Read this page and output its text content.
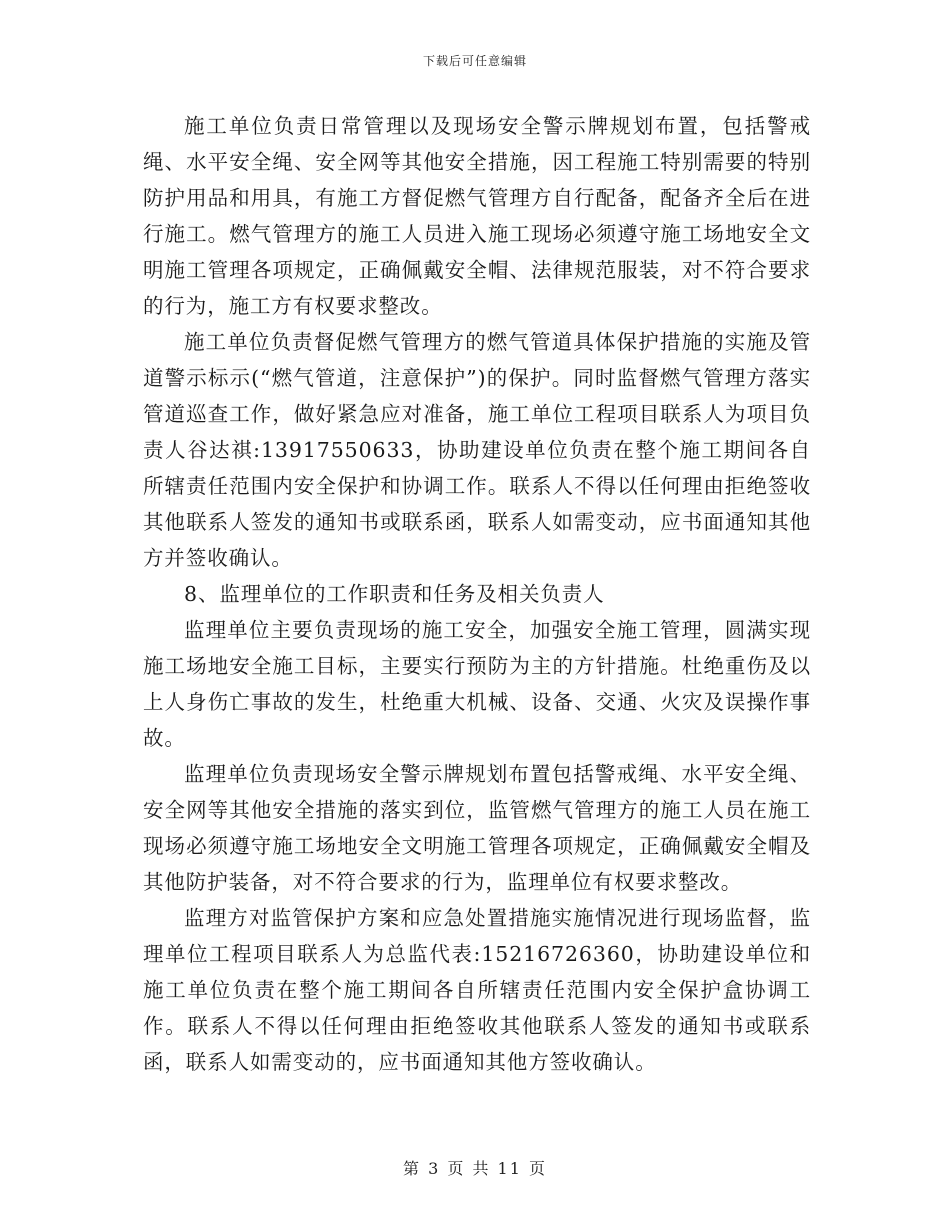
下载后可任意编辑

施工单位负责日常管理以及现场安全警示牌规划布置，包括警戒绳、水平安全绳、安全网等其他安全措施，因工程施工特别需要的特别防护用品和用具，有施工方督促燃气管理方自行配备，配备齐全后在进行施工。燃气管理方的施工人员进入施工现场必须遵守施工场地安全文明施工管理各项规定，正确佩戴安全帽、法律规范服装，对不符合要求的行为，施工方有权要求整改。

施工单位负责督促燃气管理方的燃气管道具体保护措施的实施及管道警示标示(“燃气管道，注意保护”)的保护。同时监督燃气管理方落实管道巡查工作，做好紧急应对准备，施工单位工程项目联系人为项目负责人谷达祺:13917550633，协助建设单位负责在整个施工期间各自所辖责任范围内安全保护和协调工作。联系人不得以任何理由拒绝签收其他联系人签发的通知书或联系函，联系人如需变动，应书面通知其他方并签收确认。

8、监理单位的工作职责和任务及相关负责人

监理单位主要负责现场的施工安全，加强安全施工管理，圆满实现施工场地安全施工目标，主要实行预防为主的方针措施。杜绝重伤及以上人身伤亡事故的发生，杜绝重大机械、设备、交通、火灾及误操作事故。

监理单位负责现场安全警示牌规划布置包括警戒绳、水平安全绳、安全网等其他安全措施的落实到位，监管燃气管理方的施工人员在施工现场必须遵守施工场地安全文明施工管理各项规定，正确佩戴安全帽及其他防护装备，对不符合要求的行为，监理单位有权要求整改。

监理方对监管保护方案和应急处置措施实施情况进行现场监督，监理单位工程项目联系人为总监代表:15216726360，协助建设单位和施工单位负责在整个施工期间各自所辖责任范围内安全保护盒协调工作。联系人不得以任何理由拒绝签收其他联系人签发的通知书或联系函，联系人如需变动的，应书面通知其他方签收确认。

第 3 页 共 11 页
